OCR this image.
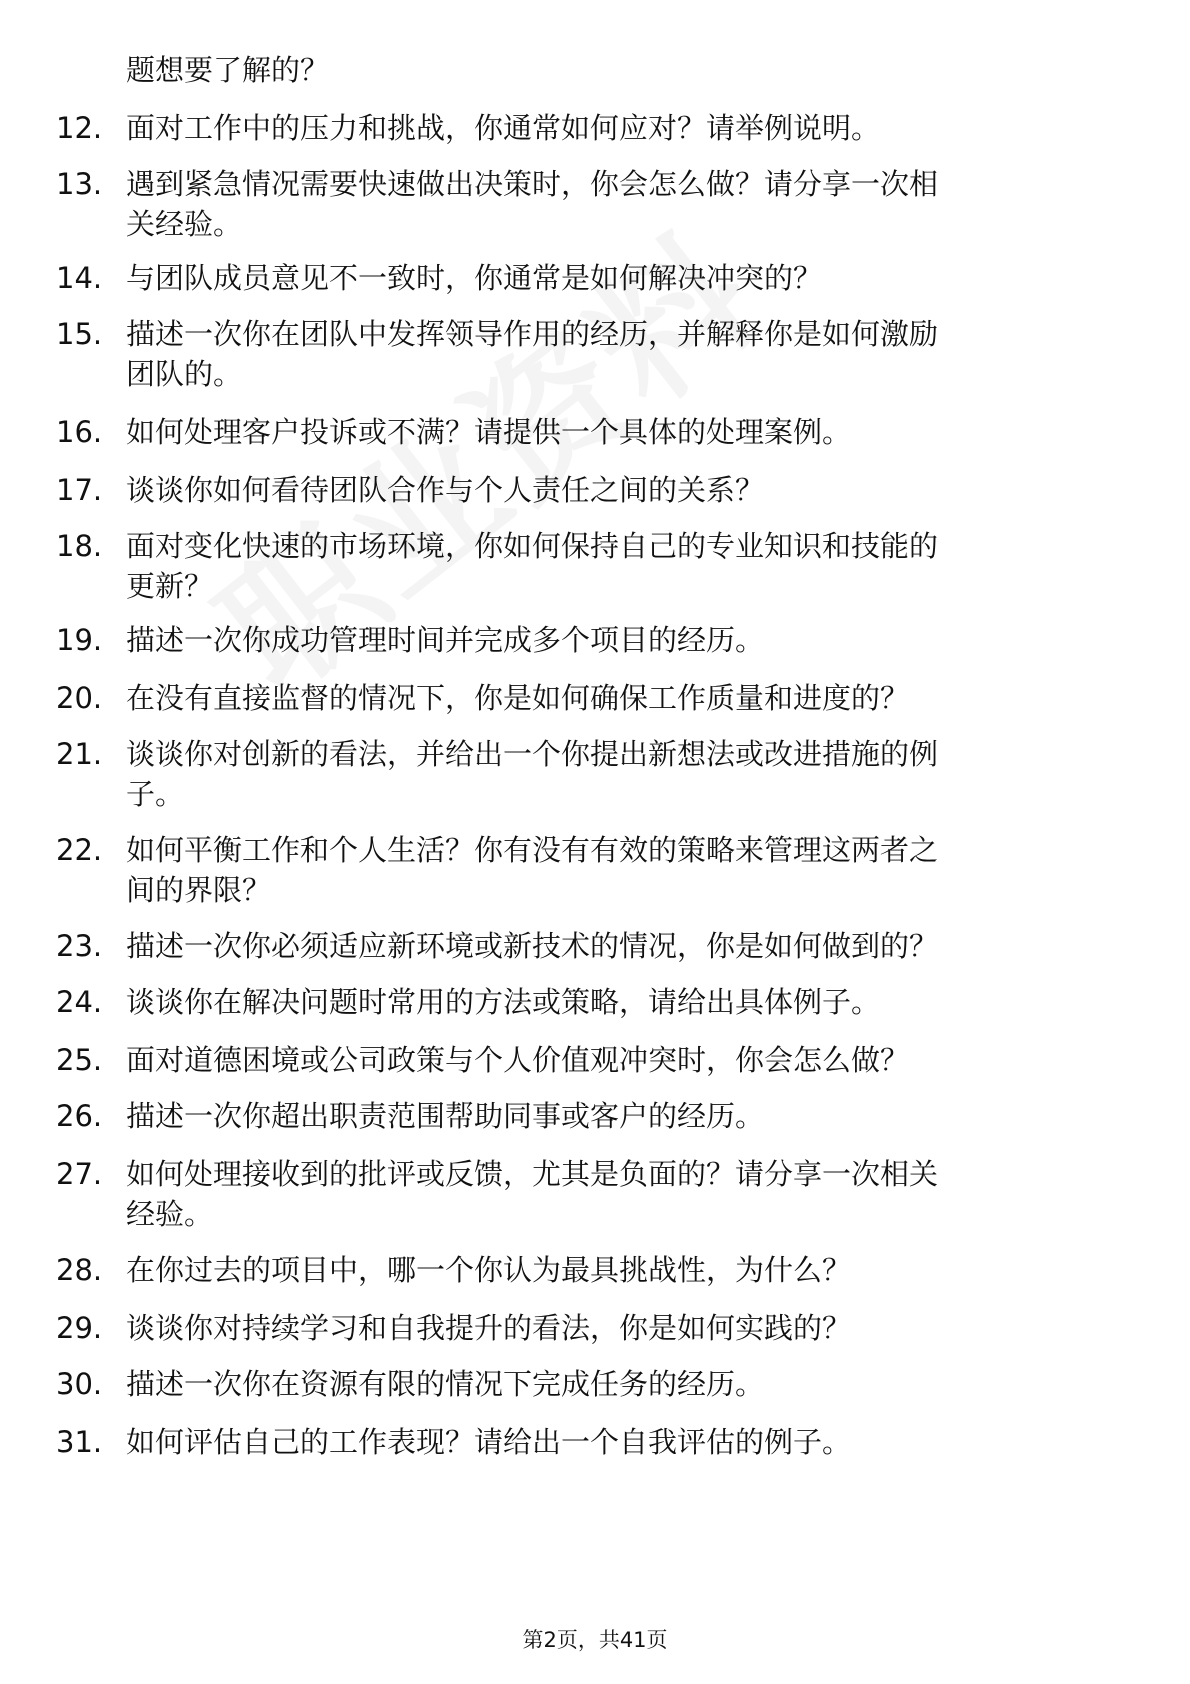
题想要了解的？
12. 面对工作中的压力和挑战，你通常如何应对？请举例说明。
13. 遇到紧急情况需要快速做出决策时，你会怎么做？请分享一次相
关经验。
14. 与团队成员意见不一致时，你通常是如何解决冲突的？
15. 描述一次你在团队中发挥领导作用的经历，并解释你是如何激励
团队的。
16. 如何处理客户投诉或不满？请提供一个具体的处理案例。
17. 谈谈你如何看待团队合作与个人责任之间的关系？
18. 面对变化快速的市场环境，你如何保持自己的专业知识和技能的
更新？
19. 描述一次你成功管理时间并完成多个项目的经历。
20. 在没有直接监督的情况下，你是如何确保工作质量和进度的？
21. 谈谈你对创新的看法，并给出一个你提出新想法或改进措施的例
子。
22. 如何平衡工作和个人生活？你有没有有效的策略来管理这两者之
间的界限？
23. 描述一次你必须适应新环境或新技术的情况，你是如何做到的？
24. 谈谈你在解决问题时常用的方法或策略，请给出具体例子。
25. 面对道德困境或公司政策与个人价值观冲突时，你会怎么做？
26. 描述一次你超出职责范围帮助同事或客户的经历。
27. 如何处理接收到的批评或反馈，尤其是负面的？请分享一次相关
经验。
28. 在你过去的项目中，哪一个你认为最具挑战性，为什么？
29. 谈谈你对持续学习和自我提升的看法，你是如何实践的？
30. 描述一次你在资源有限的情况下完成任务的经历。
31. 如何评估自己的工作表现？请给出一个自我评估的例子。
第2页，共41页
